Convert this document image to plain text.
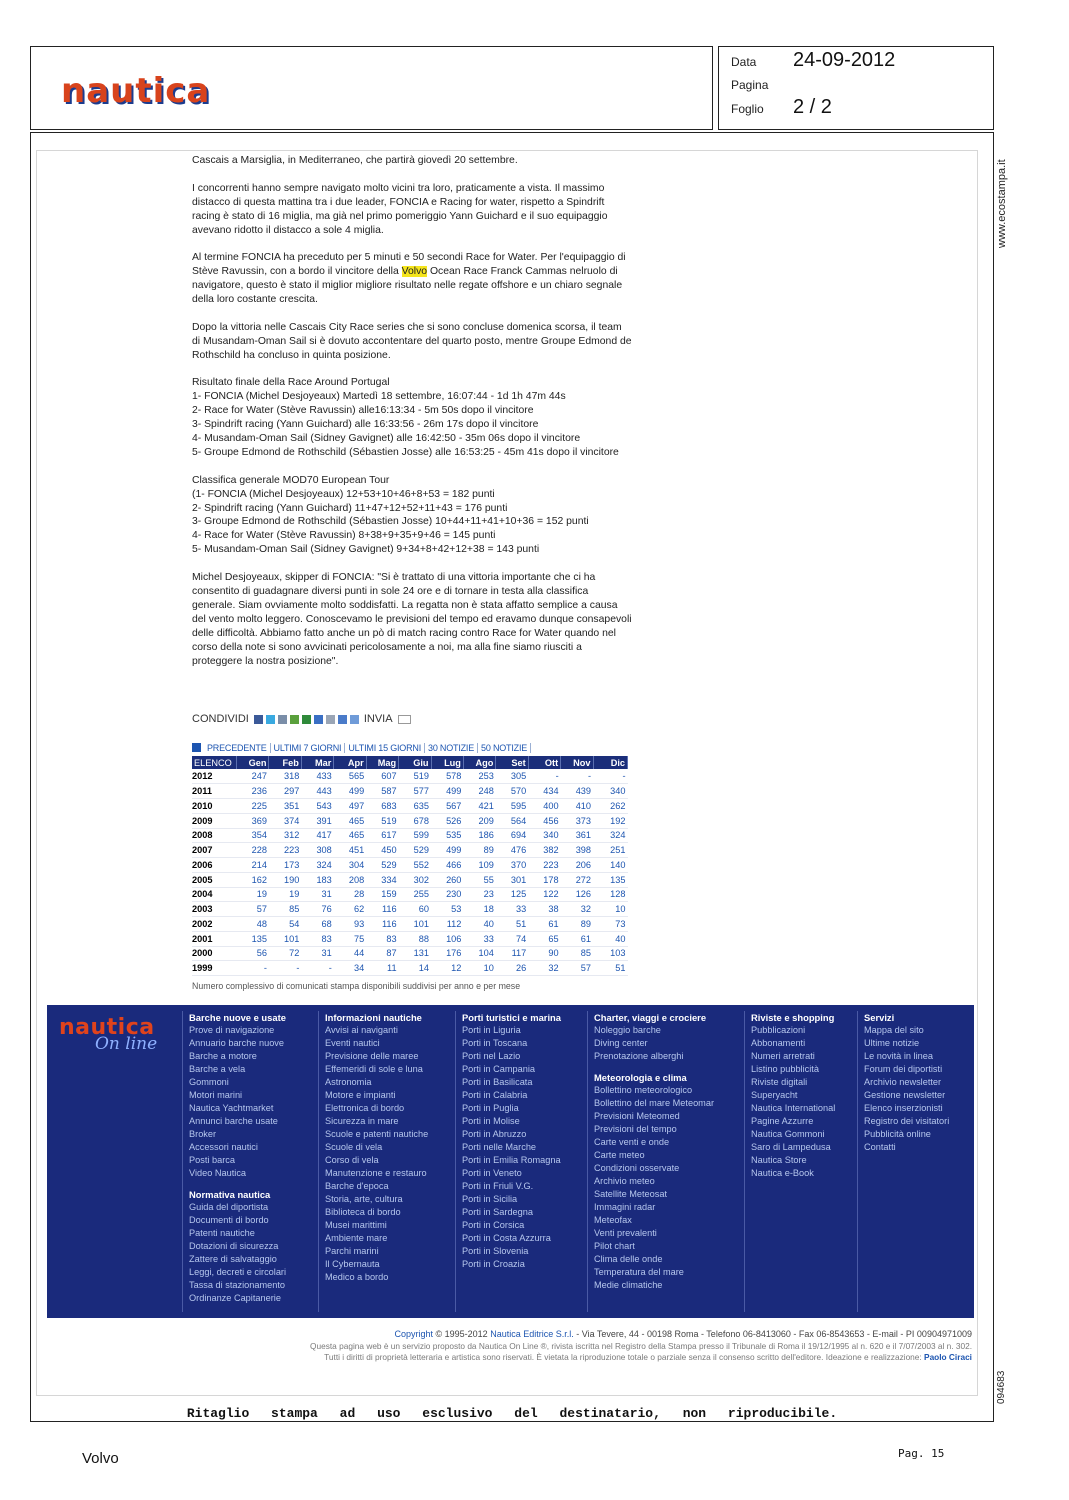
nautica
Data 24-09-2012
Pagina
Foglio 2 / 2
www.ecostampa.it
094683

Cascais a Marsiglia, in Mediterraneo, che partirà giovedì 20 settembre.

I concorrenti hanno sempre navigato molto vicini tra loro, praticamente a vista. Il massimo distacco di questa mattina tra i due leader, FONCIA e Racing for water, rispetto a Spindrift racing è stato di 16 miglia, ma già nel primo pomeriggio Yann Guichard e il suo equipaggio avevano ridotto il distacco a sole 4 miglia.

Al termine FONCIA ha preceduto per 5 minuti e 50 secondi Race for Water. Per l'equipaggio di Stève Ravussin, con a bordo il vincitore della Volvo Ocean Race Franck Cammas nelruolo di navigatore, questo è stato il miglior migliore risultato nelle regate offshore e un chiaro segnale della loro costante crescita.

Dopo la vittoria nelle Cascais City Race series che si sono concluse domenica scorsa, il team di Musandam-Oman Sail si è dovuto accontentare del quarto posto, mentre Groupe Edmond de Rothschild ha concluso in quinta posizione.

Risultato finale della Race Around Portugal
1- FONCIA (Michel Desjoyeaux) Martedì 18 settembre, 16:07:44 - 1d 1h 47m 44s
2- Race for Water (Stève Ravussin) alle16:13:34 - 5m 50s dopo il vincitore
3- Spindrift racing (Yann Guichard) alle 16:33:56 - 26m 17s dopo il vincitore
4- Musandam-Oman Sail (Sidney Gavignet) alle 16:42:50 - 35m 06s dopo il vincitore
5- Groupe Edmond de Rothschild (Sébastien Josse) alle 16:53:25 - 45m 41s dopo il vincitore

Classifica generale MOD70 European Tour
(1- FONCIA (Michel Desjoyeaux) 12+53+10+46+8+53 = 182 punti
2- Spindrift racing (Yann Guichard) 11+47+12+52+11+43 = 176 punti
3- Groupe Edmond de Rothschild (Sébastien Josse) 10+44+11+41+10+36 = 152 punti
4- Race for Water (Stève Ravussin) 8+38+9+35+9+46 = 145 punti
5- Musandam-Oman Sail (Sidney Gavignet) 9+34+8+42+12+38 = 143 punti

Michel Desjoyeaux, skipper di FONCIA: "Si è trattato di una vittoria importante che ci ha consentito di guadagnare diversi punti in sole 24 ore e di tornare in testa alla classifica generale. Siam ovviamente molto soddisfatti. La regatta non è stata affatto semplice a causa del vento molto leggero. Conoscevamo le previsioni del tempo ed eravamo dunque consapevoli delle difficoltà. Abbiamo fatto anche un pò di match racing contro Race for Water quando nel corso della note si sono avvicinati pericolosamente a noi, ma alla fine siamo riusciti a proteggere la nostra posizione".

CONDIVIDI	INVIA
PRECEDENTE ULTIMI 7 GIORNI ULTIMI 15 GIORNI 30 NOTIZIE 50 NOTIZIE
ELENCO	Gen	Feb	Mar	Apr	Mag	Giu	Lug	Ago	Set	Ott	Nov	Dic
2012	247	318	433	565	607	519	578	253	305	-	-	-
2011	236	297	443	499	587	577	499	248	570	434	439	340
2010	225	351	543	497	683	635	567	421	595	400	410	262
2009	369	374	391	465	519	678	526	209	564	456	373	192
2008	354	312	417	465	617	599	535	186	694	340	361	324
2007	228	223	308	451	450	529	499	89	476	382	398	251
2006	214	173	324	304	529	552	466	109	370	223	206	140
2005	162	190	183	208	334	302	260	55	301	178	272	135
2004	19	19	31	28	159	255	230	23	125	122	126	128
2003	57	85	76	62	116	60	53	18	33	38	32	10
2002	48	54	68	93	116	101	112	40	51	61	89	73
2001	135	101	83	75	83	88	106	33	74	65	61	40
2000	56	72	31	44	87	131	176	104	117	90	85	103
1999	-	-	-	34	11	14	12	10	26	32	57	51
Numero complessivo di comunicati stampa disponibili suddivisi per anno e per mese
nautica
On line
Barche nuove e usate
Prove di navigazione
Annuario barche nuove
Barche a motore
Barche a vela
Gommoni
Motori marini
Nautica Yachtmarket
Annunci barche usate
Broker
Accessori nautici
Posti barca
Video Nautica
Normativa nautica
Guida del diportista
Documenti di bordo
Patenti nautiche
Dotazioni di sicurezza
Zattere di salvataggio
Leggi, decreti e circolari
Tassa di stazionamento
Ordinanze Capitanerie
Informazioni nautiche
Avvisi ai naviganti
Eventi nautici
Previsione delle maree
Effemeridi di sole e luna
Astronomia
Motore e impianti
Elettronica di bordo
Sicurezza in mare
Scuole e patenti nautiche
Scuole di vela
Corso di vela
Manutenzione e restauro
Barche d'epoca
Storia, arte, cultura
Biblioteca di bordo
Musei marittimi
Ambiente mare
Parchi marini
Il Cybernauta
Medico a bordo
Porti turistici e marina
Porti in Liguria
Porti in Toscana
Porti nel Lazio
Porti in Campania
Porti in Basilicata
Porti in Calabria
Porti in Puglia
Porti in Molise
Porti in Abruzzo
Porti nelle Marche
Porti in Emilia Romagna
Porti in Veneto
Porti in Friuli V.G.
Porti in Sicilia
Porti in Sardegna
Porti in Corsica
Porti in Costa Azzurra
Porti in Slovenia
Porti in Croazia
Charter, viaggi e crociere
Noleggio barche
Diving center
Prenotazione alberghi
Meteorologia e clima
Bollettino meteorologico
Bollettino del mare Meteomar
Previsioni Meteomed
Previsioni del tempo
Carte venti e onde
Carte meteo
Condizioni osservate
Archivio meteo
Satellite Meteosat
Immagini radar
Meteofax
Venti prevalenti
Pilot chart
Clima delle onde
Temperatura del mare
Medie climatiche
Riviste e shopping
Pubblicazioni
Abbonamenti
Numeri arretrati
Listino pubblicità
Riviste digitali
Superyacht
Nautica International
Pagine Azzurre
Nautica Gommoni
Saro di Lampedusa
Nautica Store
Nautica e-Book
Servizi
Mappa del sito
Ultime notizie
Le novità in linea
Forum dei diportisti
Archivio newsletter
Gestione newsletter
Elenco inserzionisti
Registro dei visitatori
Pubblicità online
Contatti
Copyright © 1995-2012 Nautica Editrice S.r.l. - Via Tevere, 44 - 00198 Roma - Telefono 06-8413060 - Fax 06-8543653 - E-mail - PI 00904971009
Questa pagina web è un servizio proposto da Nautica On Line ®, rivista iscritta nel Registro della Stampa presso il Tribunale di Roma il 19/12/1995 al n. 620 e il 7/07/2003 al n. 302.
Tutti i diritti di proprietà letteraria e artistica sono riservati. È vietata la riproduzione totale o parziale senza il consenso scritto dell'editore. Ideazione e realizzazione: Paolo Ciraci
Ritaglio stampa ad uso esclusivo del destinatario, non riproducibile.
Volvo	Pag. 15
